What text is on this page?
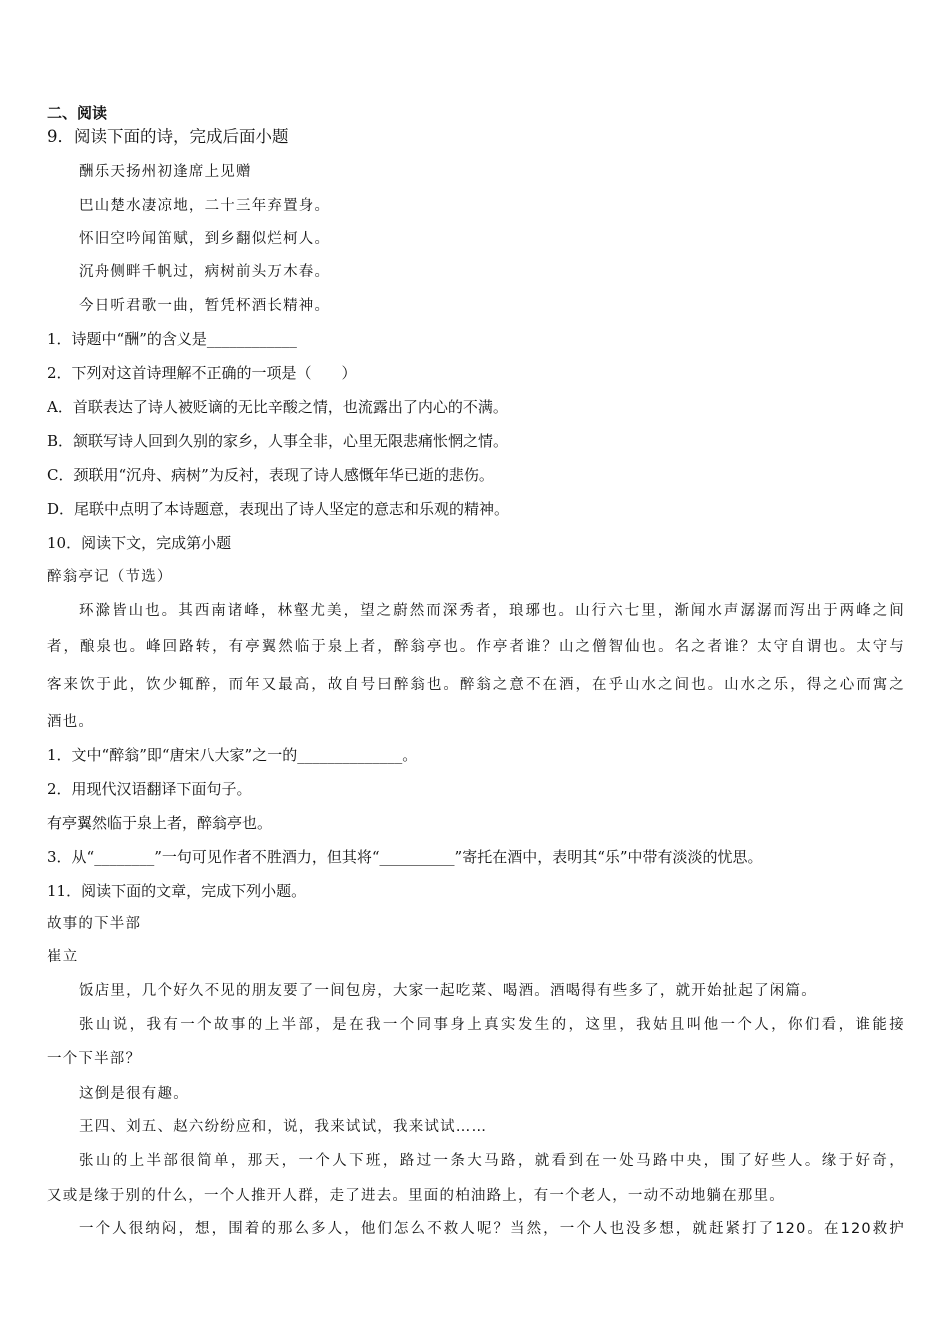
二、阅读
9．阅读下面的诗，完成后面小题
酬乐天扬州初逢席上见赠
巴山楚水凄凉地，二十三年弃置身。
怀旧空吟闻笛赋，到乡翻似烂柯人。
沉舟侧畔千帆过，病树前头万木春。
今日听君歌一曲，暂凭杯酒长精神。
1．诗题中“酬”的含义是____________
2．下列对这首诗理解不正确的一项是（　　）
A．首联表达了诗人被贬谪的无比辛酸之情，也流露出了内心的不满。
B．颔联写诗人回到久别的家乡，人事全非，心里无限悲痛怅惘之情。
C．颈联用“沉舟、病树”为反衬，表现了诗人感慨年华已逝的悲伤。
D．尾联中点明了本诗题意，表现出了诗人坚定的意志和乐观的精神。
10．阅读下文，完成第小题
醉翁亭记（节选）
环滁皆山也。其西南诸峰，林壑尤美，望之蔚然而深秀者，琅琊也。山行六七里，渐闻水声潺潺而泻出于两峰之间
者，酿泉也。峰回路转，有亭翼然临于泉上者，醉翁亭也。作亭者谁？山之僧智仙也。名之者谁？太守自谓也。太守与
客来饮于此，饮少辄醉，而年又最高，故自号曰醉翁也。醉翁之意不在酒，在乎山水之间也。山水之乐，得之心而寓之
酒也。
1．文中“醉翁”即“唐宋八大家”之一的______________。
2．用现代汉语翻译下面句子。
有亭翼然临于泉上者，醉翁亭也。
3．从“________”一句可见作者不胜酒力，但其将“__________”寄托在酒中，表明其“乐”中带有淡淡的忧思。
11．阅读下面的文章，完成下列小题。
故事的下半部
崔立
饭店里，几个好久不见的朋友要了一间包房，大家一起吃菜、喝酒。酒喝得有些多了，就开始扯起了闲篇。
张山说，我有一个故事的上半部，是在我一个同事身上真实发生的，这里，我姑且叫他一个人，你们看，谁能接
一个下半部？
这倒是很有趣。
王四、刘五、赵六纷纷应和，说，我来试试，我来试试……
张山的上半部很简单，那天，一个人下班，路过一条大马路，就看到在一处马路中央，围了好些人。缘于好奇，
又或是缘于别的什么，一个人推开人群，走了进去。里面的柏油路上，有一个老人，一动不动地躺在那里。
一个人很纳闷，想，围着的那么多人，他们怎么不救人呢？当然，一个人也没多想，就赶紧打了120。在120救护
